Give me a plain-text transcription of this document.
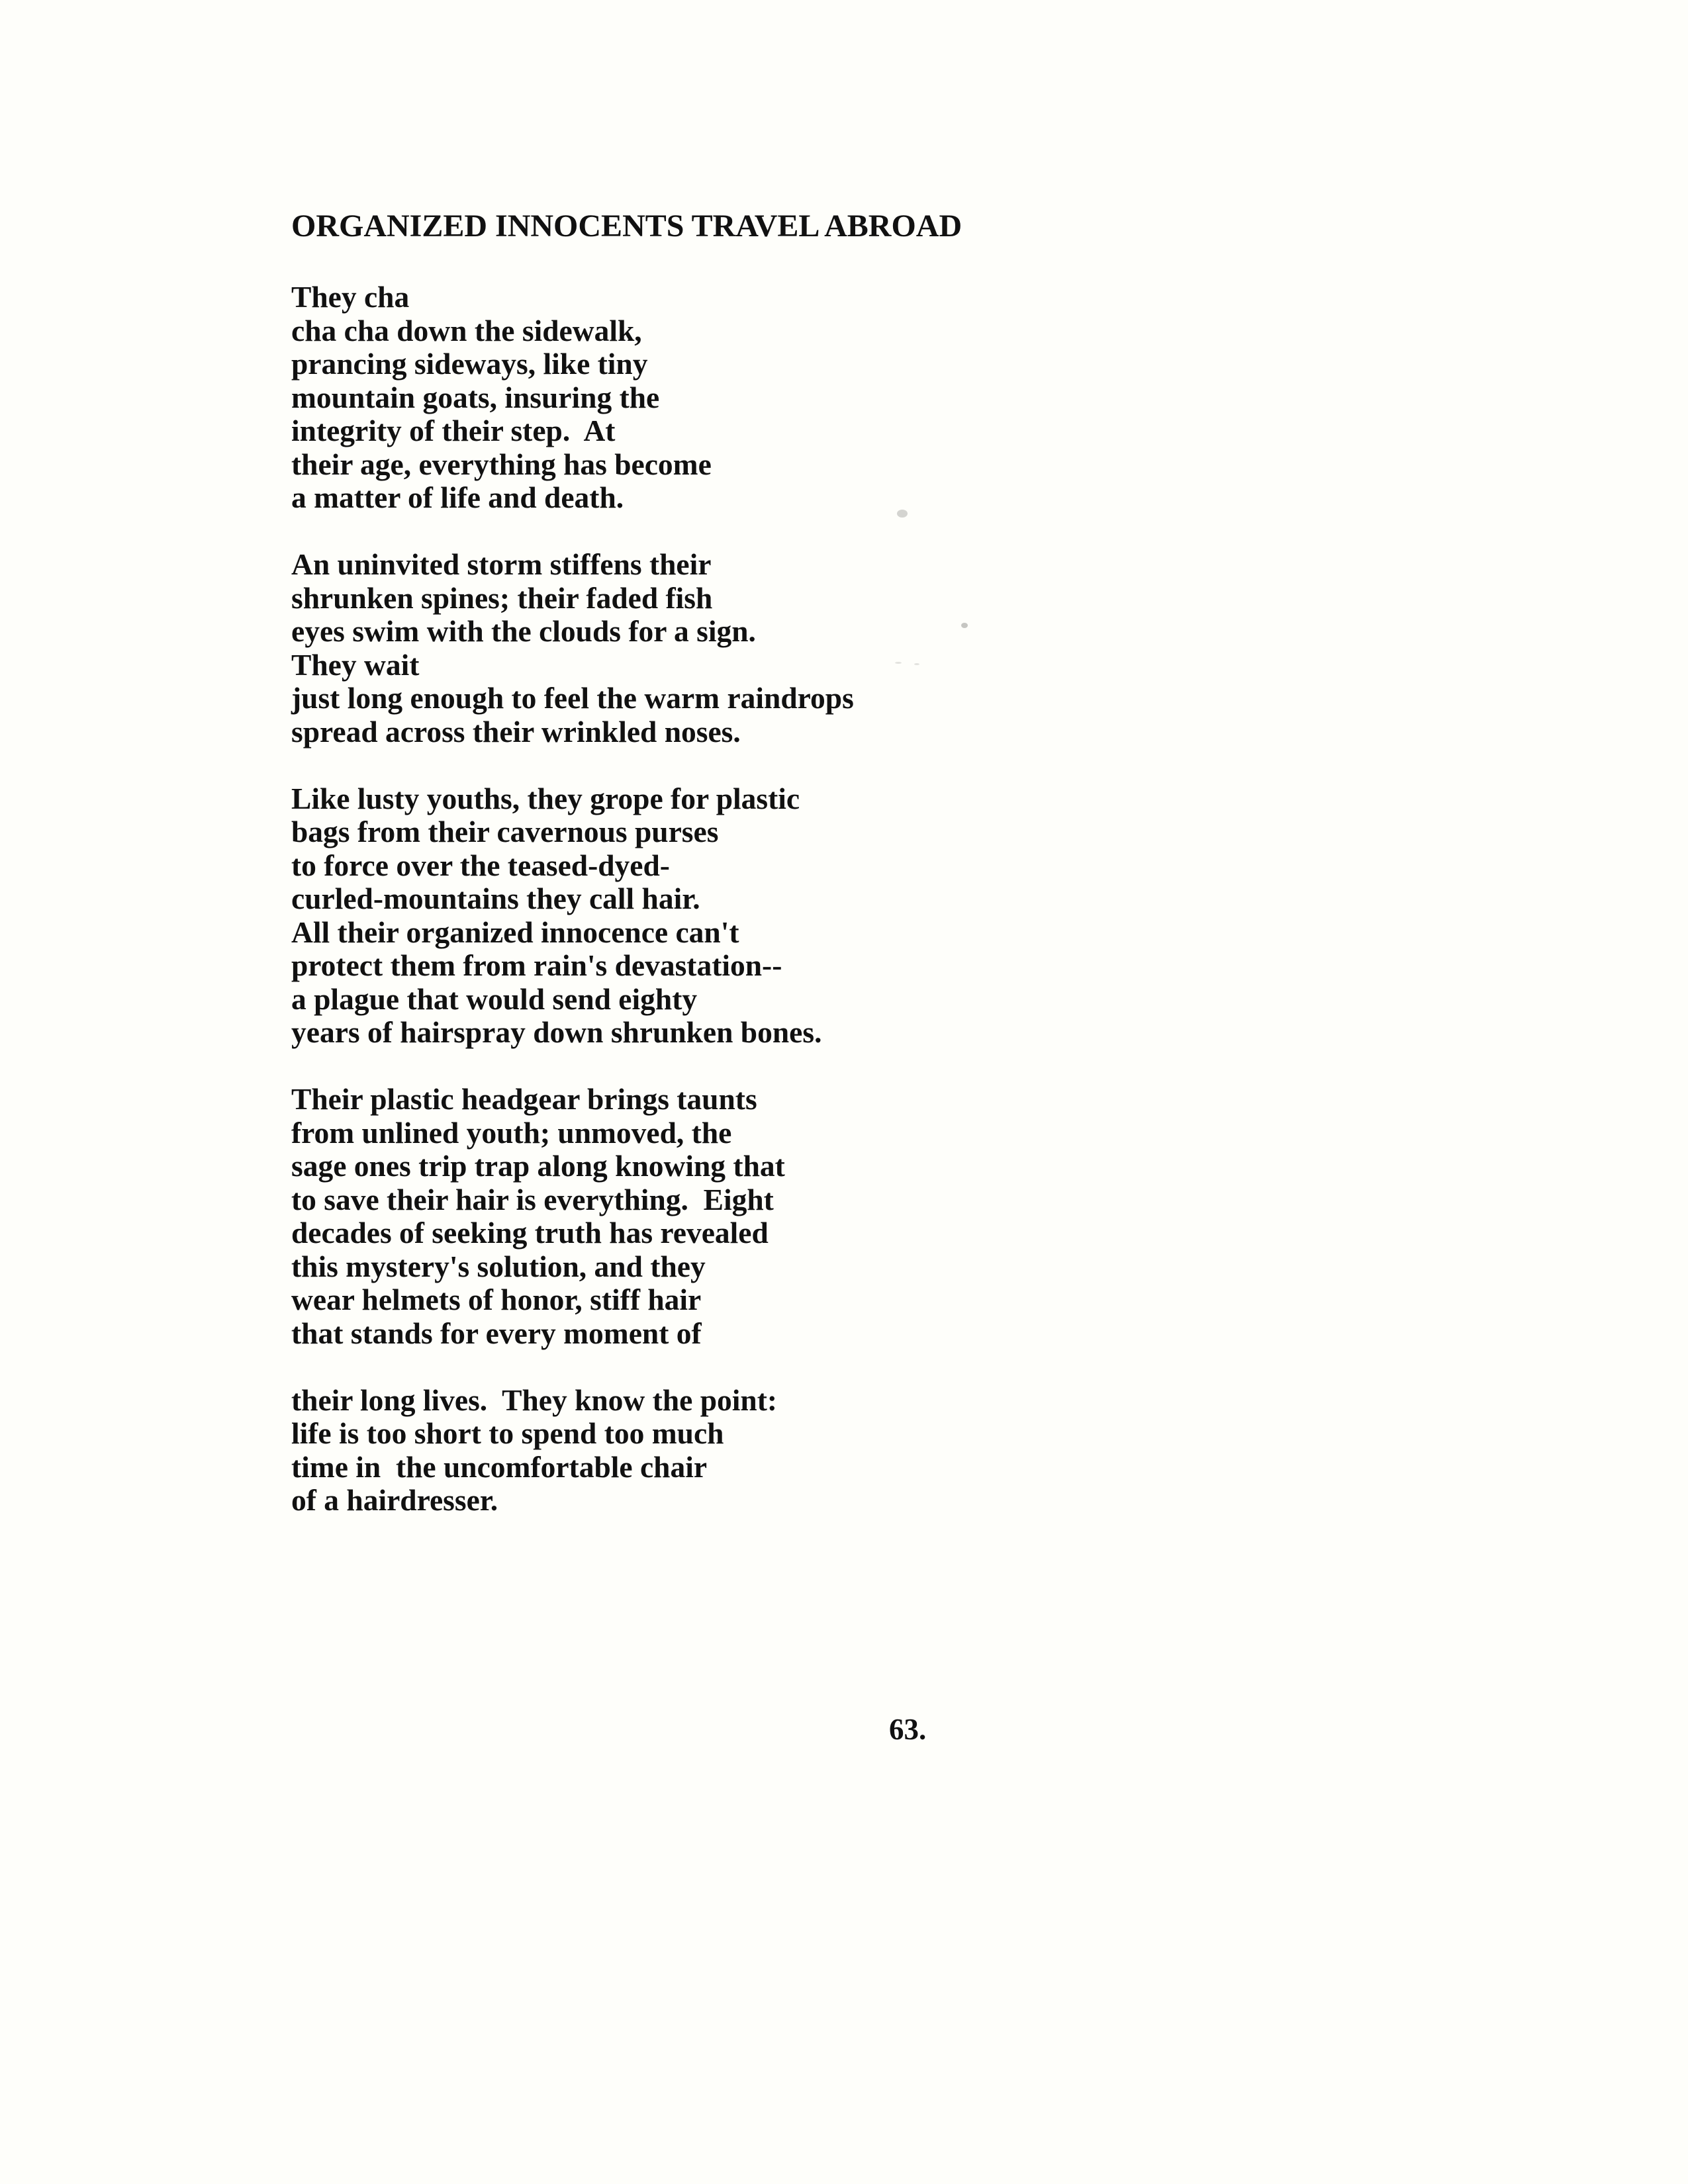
ORGANIZED INNOCENTS TRAVEL ABROAD

They cha
cha cha down the sidewalk,
prancing sideways, like tiny
mountain goats, insuring the
integrity of their step.  At
their age, everything has become
a matter of life and death.

An uninvited storm stiffens their
shrunken spines; their faded fish
eyes swim with the clouds for a sign.
They wait
just long enough to feel the warm raindrops
spread across their wrinkled noses.

Like lusty youths, they grope for plastic
bags from their cavernous purses
to force over the teased-dyed-
curled-mountains they call hair.
All their organized innocence can't
protect them from rain's devastation--
a plague that would send eighty
years of hairspray down shrunken bones.

Their plastic headgear brings taunts
from unlined youth; unmoved, the
sage ones trip trap along knowing that
to save their hair is everything.  Eight
decades of seeking truth has revealed
this mystery's solution, and they
wear helmets of honor, stiff hair
that stands for every moment of

their long lives.  They know the point:
life is too short to spend too much
time in  the uncomfortable chair
of a hairdresser.

63.
